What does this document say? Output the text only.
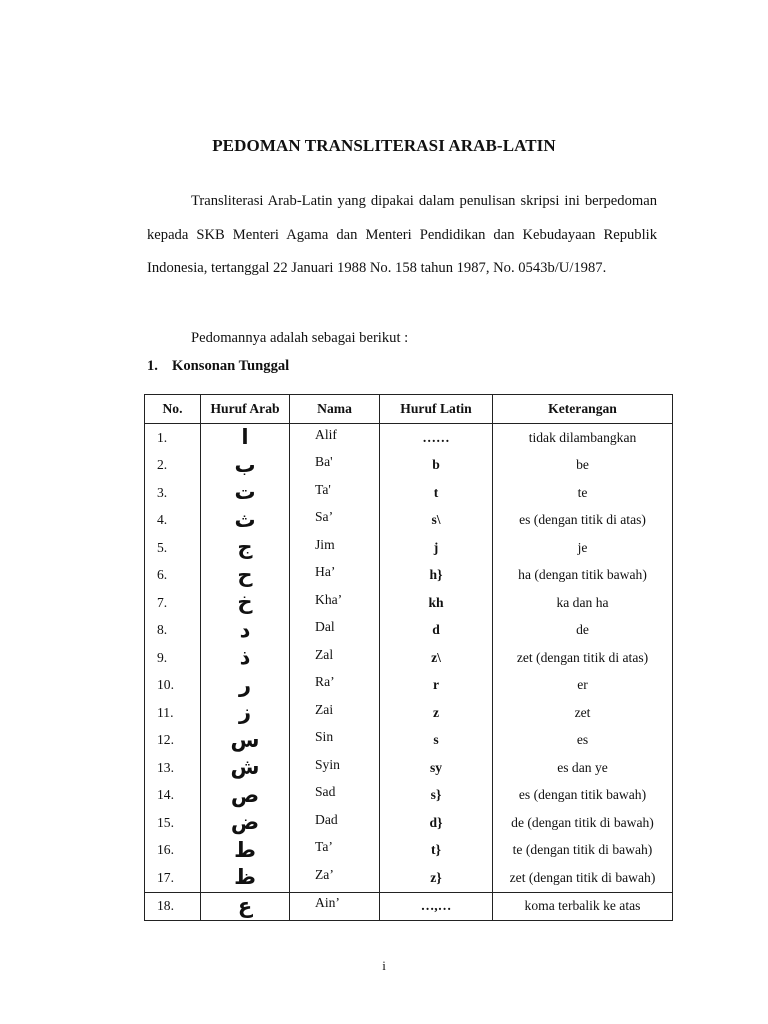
PEDOMAN TRANSLITERASI ARAB-LATIN
Transliterasi Arab-Latin yang dipakai dalam penulisan skripsi ini berpedoman kepada SKB Menteri Agama dan Menteri Pendidikan dan Kebudayaan Republik Indonesia, tertanggal 22 Januari 1988 No. 158 tahun 1987, No. 0543b/U/1987.
Pedomannya adalah sebagai berikut :
1. Konsonan Tunggal
No.	Huruf Arab	Nama	Huruf Latin	Keterangan
1.	ا	Alif	……	tidak dilambangkan
2.	ب	Ba'	b	be
3.	ت	Ta'	t	te
4.	ث	Sa’	s\	es (dengan titik di atas)
5.	ج	Jim	j	je
6.	ح	Ha’	h}	ha (dengan titik bawah)
7.	خ	Kha’	kh	ka dan ha
8.	د	Dal	d	de
9.	ذ	Zal	z\	zet (dengan titik di atas)
10.	ر	Ra’	r	er
11.	ز	Zai	z	zet
12.	س	Sin	s	es
13.	ش	Syin	sy	es dan ye
14.	ص	Sad	s}	es (dengan titik bawah)
15.	ض	Dad	d}	de (dengan titik di bawah)
16.	ط	Ta’	t}	te (dengan titik di bawah)
17.	ظ	Za’	z}	zet (dengan titik di bawah)
18.	ع	Ain’	…,…	koma terbalik ke atas
i
